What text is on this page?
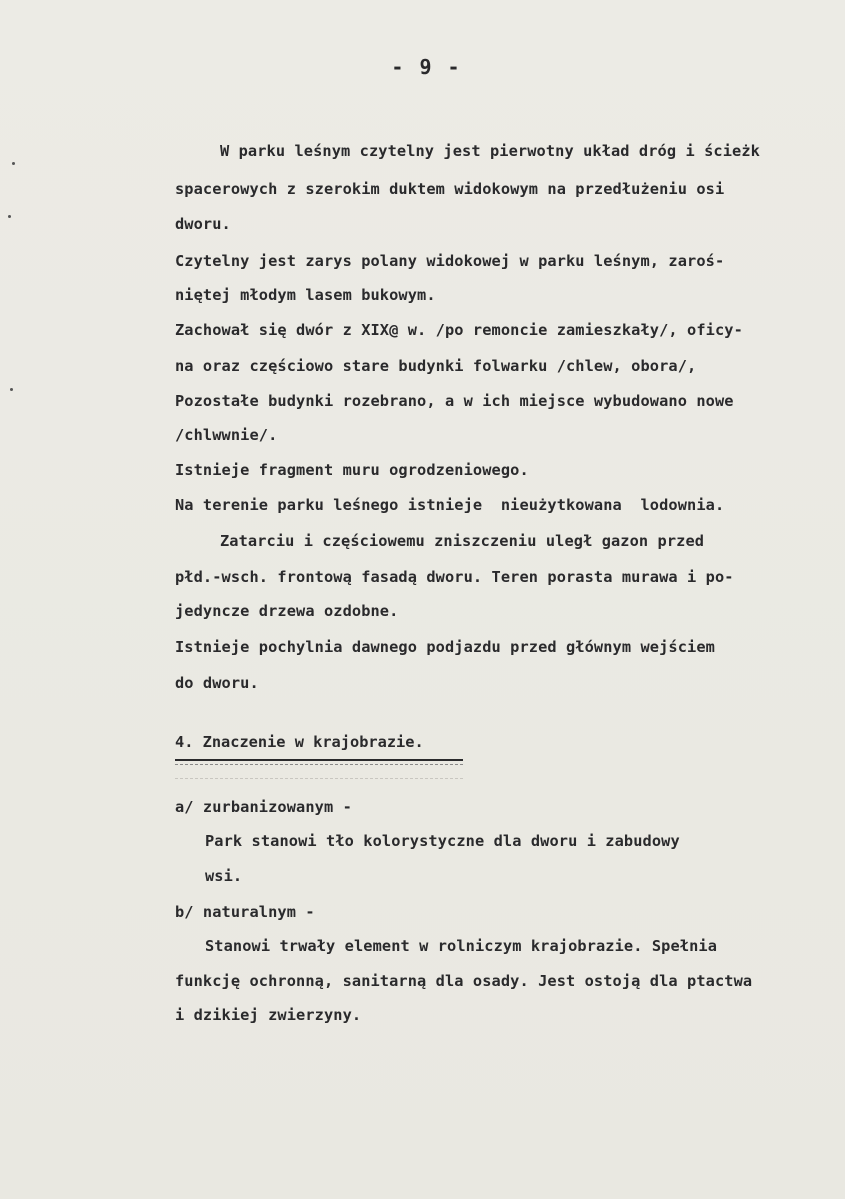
- 9 -
W parku leśnym czytelny jest pierwotny układ dróg i ścieżk
spacerowych z szerokim duktem widokowym na przedłużeniu osi
dworu.
Czytelny jest zarys polany widokowej w parku leśnym, zaroś-
niętej młodym lasem bukowym.
Zachował się dwór z XIX@ w. /po remoncie zamieszkały/, oficy-
na oraz częściowo stare budynki folwarku /chlew, obora/,
Pozostałe budynki rozebrano, a w ich miejsce wybudowano nowe
/chlwwnie/.
Istnieje fragment muru ogrodzeniowego.
Na terenie parku leśnego istnieje  nieużytkowana  lodownia.
Zatarciu i częściowemu zniszczeniu uległ gazon przed
płd.-wsch. frontową fasadą dworu. Teren porasta murawa i po-
jedyncze drzewa ozdobne.
Istnieje pochylnia dawnego podjazdu przed głównym wejściem
do dworu.
4. Znaczenie w krajobrazie.
a/ zurbanizowanym -
Park stanowi tło kolorystyczne dla dworu i zabudowy
wsi.
b/ naturalnym -
Stanowi trwały element w rolniczym krajobrazie. Spełnia
funkcję ochronną, sanitarną dla osady. Jest ostoją dla ptactwa
i dzikiej zwierzyny.
